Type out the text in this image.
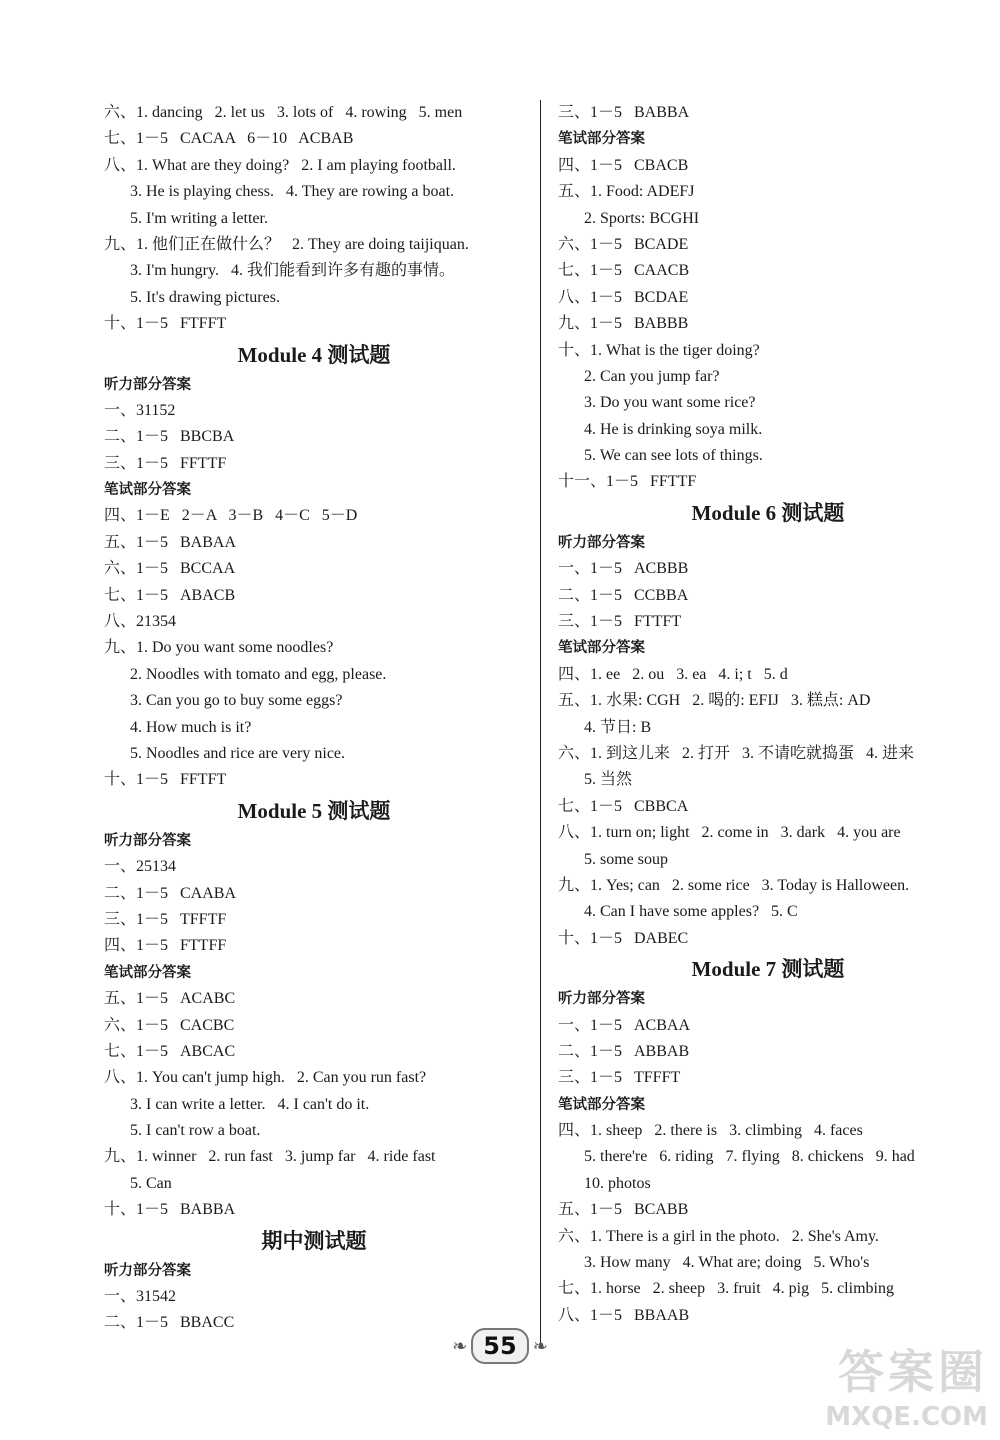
六、1. dancing   2. let us   3. lots of   4. rowing   5. men
七、1－5   CACAA   6－10   ACBAB
八、1. What are they doing?   2. I am playing football.
3. He is playing chess.   4. They are rowing a boat.
5. I'm writing a letter.
九、1. 他们正在做什么？   2. They are doing taijiquan.
3. I'm hungry.   4. 我们能看到许多有趣的事情。
5. It's drawing pictures.
十、1－5   FTFFT
Module 4 测试题
听力部分答案
一、31152
二、1－5   BBCBA
三、1－5   FFTTF
笔试部分答案
四、1－E   2－A   3－B   4－C   5－D
五、1－5   BABAA
六、1－5   BCCAA
七、1－5   ABACB
八、21354
九、1. Do you want some noodles?
2. Noodles with tomato and egg, please.
3. Can you go to buy some eggs?
4. How much is it?
5. Noodles and rice are very nice.
十、1－5   FFTFT
Module 5 测试题
听力部分答案
一、25134
二、1－5   CAABA
三、1－5   TFFTF
四、1－5   FTTFF
笔试部分答案
五、1－5   ACABC
六、1－5   CACBC
七、1－5   ABCAC
八、1. You can't jump high.   2. Can you run fast?
3. I can write a letter.   4. I can't do it.
5. I can't row a boat.
九、1. winner   2. run fast   3. jump far   4. ride fast
5. Can
十、1－5   BABBA
期中测试题
听力部分答案
一、31542
二、1－5   BBACC
三、1－5   BABBA
笔试部分答案
四、1－5   CBACB
五、1. Food: ADEFJ
2. Sports: BCGHI
六、1－5   BCADE
七、1－5   CAACB
八、1－5   BCDAE
九、1－5   BABBB
十、1. What is the tiger doing?
2. Can you jump far?
3. Do you want some rice?
4. He is drinking soya milk.
5. We can see lots of things.
十一、1－5   FFTTF
Module 6 测试题
听力部分答案
一、1－5   ACBBB
二、1－5   CCBBA
三、1－5   FTTFT
笔试部分答案
四、1. ee   2. ou   3. ea   4. i; t   5. d
五、1. 水果: CGH   2. 喝的: EFIJ   3. 糕点: AD
4. 节日: B
六、1. 到这儿来   2. 打开   3. 不请吃就捣蛋   4. 进来
5. 当然
七、1－5   CBBCA
八、1. turn on; light   2. come in   3. dark   4. you are
5. some soup
九、1. Yes; can   2. some rice   3. Today is Halloween.
4. Can I have some apples?   5. C
十、1－5   DABEC
Module 7 测试题
听力部分答案
一、1－5   ACBAA
二、1－5   ABBAB
三、1－5   TFFFT
笔试部分答案
四、1. sheep   2. there is   3. climbing   4. faces
5. there're   6. riding   7. flying   8. chickens   9. had
10. photos
五、1－5   BCABB
六、1. There is a girl in the photo.   2. She's Amy.
3. How many   4. What are; doing   5. Who's
七、1. horse   2. sheep   3. fruit   4. pig   5. climbing
八、1－5   BBAAB
❧ 55 ❧	答案圈
MXQE.COM
